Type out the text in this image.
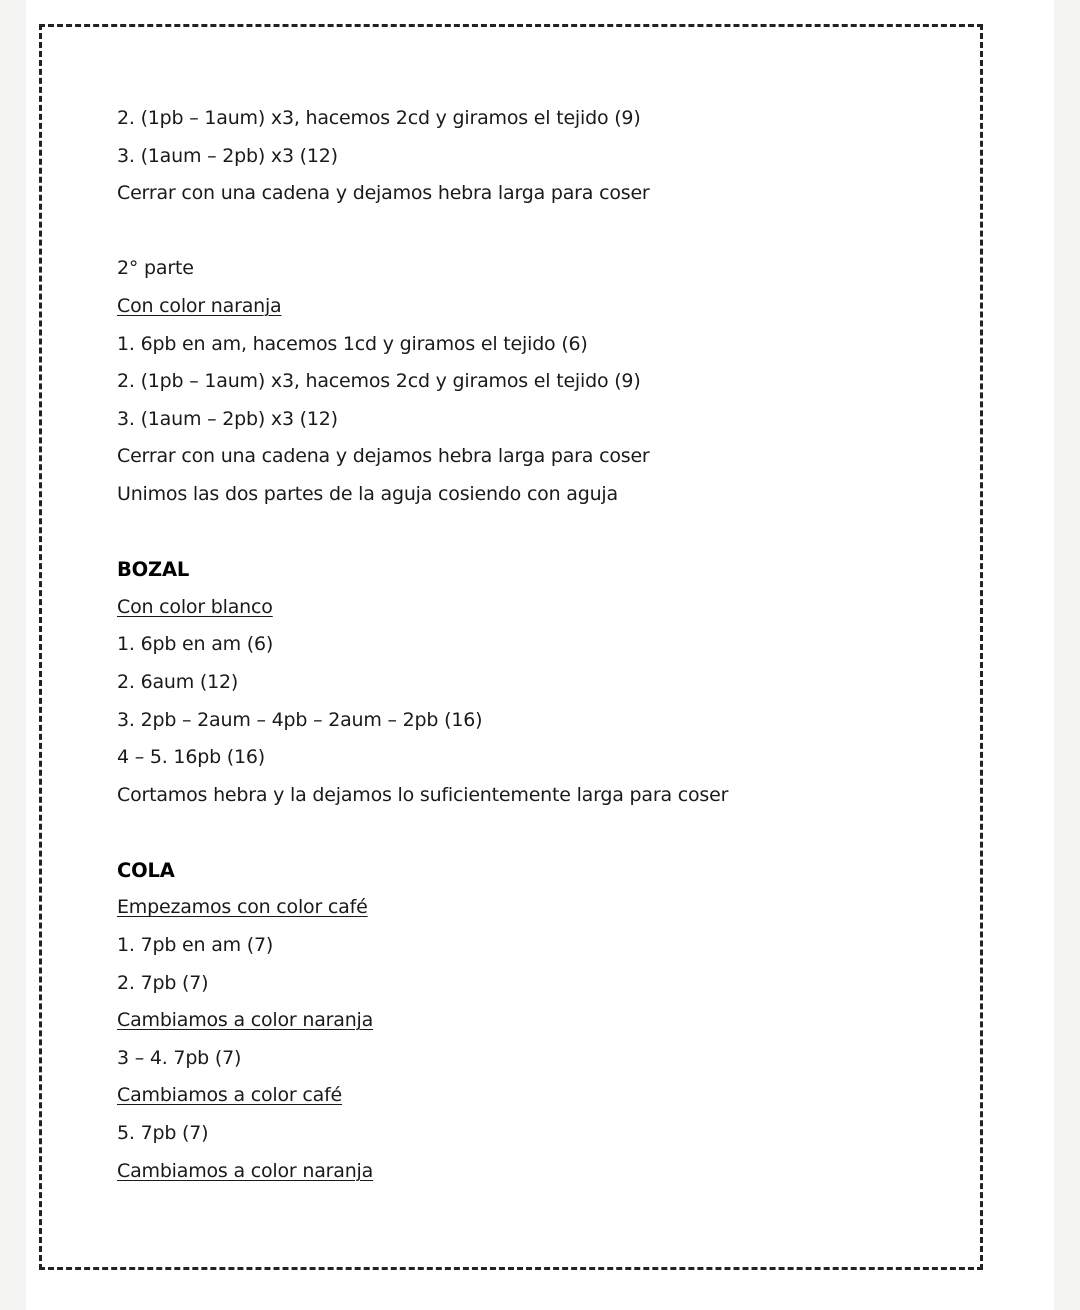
2. (1pb – 1aum) x3, hacemos 2cd y giramos el tejido (9)
3. (1aum – 2pb) x3 (12)
Cerrar con una cadena y dejamos hebra larga para coser
2° parte
Con color naranja
1. 6pb en am, hacemos 1cd y giramos el tejido (6)
2. (1pb – 1aum) x3, hacemos 2cd y giramos el tejido (9)
3. (1aum – 2pb) x3 (12)
Cerrar con una cadena y dejamos hebra larga para coser
Unimos las dos partes de la aguja cosiendo con aguja
BOZAL
Con color blanco
1. 6pb en am (6)
2. 6aum (12)
3. 2pb – 2aum – 4pb – 2aum – 2pb (16)
4 – 5. 16pb (16)
Cortamos hebra y la dejamos lo suficientemente larga para coser
COLA
Empezamos con color café
1. 7pb en am (7)
2. 7pb (7)
Cambiamos a color naranja
3 – 4. 7pb (7)
Cambiamos a color café
5. 7pb (7)
Cambiamos a color naranja
